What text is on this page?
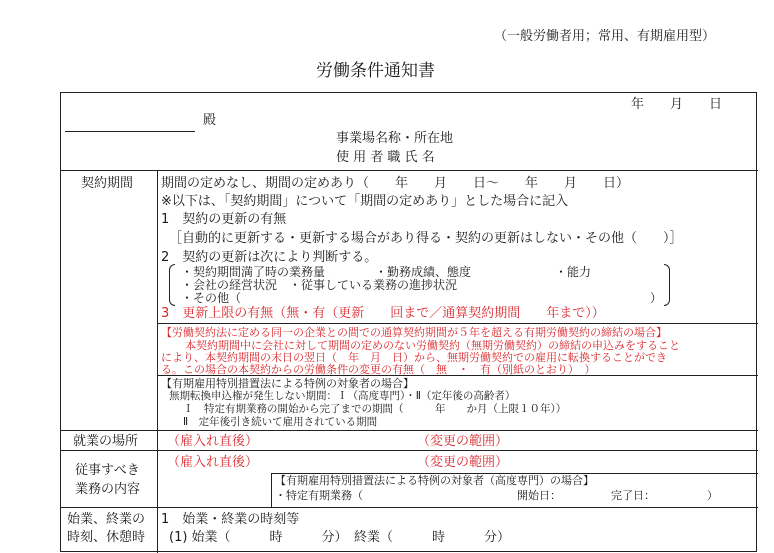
（一般労働者用；常用、有期雇用型）
労働条件通知書
年　　月　　日
殿
事業場名称・所在地
使 用 者 職 氏 名
契約期間 期間の定めなし、期間の定めあり（　　年　　月　　日～　　年　　月　　日）
※以下は、「契約期間」について「期間の定めあり」とした場合に記入
1　契約の更新の有無
［自動的に更新する・更新する場合があり得る・契約の更新はしない・その他（　　）］
2　契約の更新は次により判断する。
・契約期間満了時の業務量	・勤務成績、態度	・能力
・会社の経営状況　・従事している業務の進捗状況
・その他（	）
3　更新上限の有無（無・有（更新　　回まで／通算契約期間　　年まで））
【労働契約法に定める同一の企業との間での通算契約期間が５年を超える有期労働契約の締結の場合】
本契約期間中に会社に対して期間の定めのない労働契約（無期労働契約）の締結の申込みをすること
により、本契約期間の末日の翌日（　年　月　日）から、無期労働契約での雇用に転換することができ
る。この場合の本契約からの労働条件の変更の有無（　無　・　有（別紙のとおり）　）
【有期雇用特別措置法による特例の対象者の場合】
無期転換申込権が発生しない期間：Ｉ（高度専門）・Ⅱ（定年後の高齢者）
Ｉ　特定有期業務の開始から完了までの期間（　　　年　　か月（上限１０年））
Ⅱ　定年後引き続いて雇用されている期間
就業の場所 （雇入れ直後）	（変更の範囲）
従事すべき
業務の内容
（雇入れ直後）	（変更の範囲）
【有期雇用特別措置法による特例の対象者（高度専門）の場合】
・特定有期業務（	開始日：	完了日：	）
始業、終業の
時刻、休憩時
1　始業・終業の時刻等
(1) 始業（　　　時　　　分）　終業（　　　時　　　分）
